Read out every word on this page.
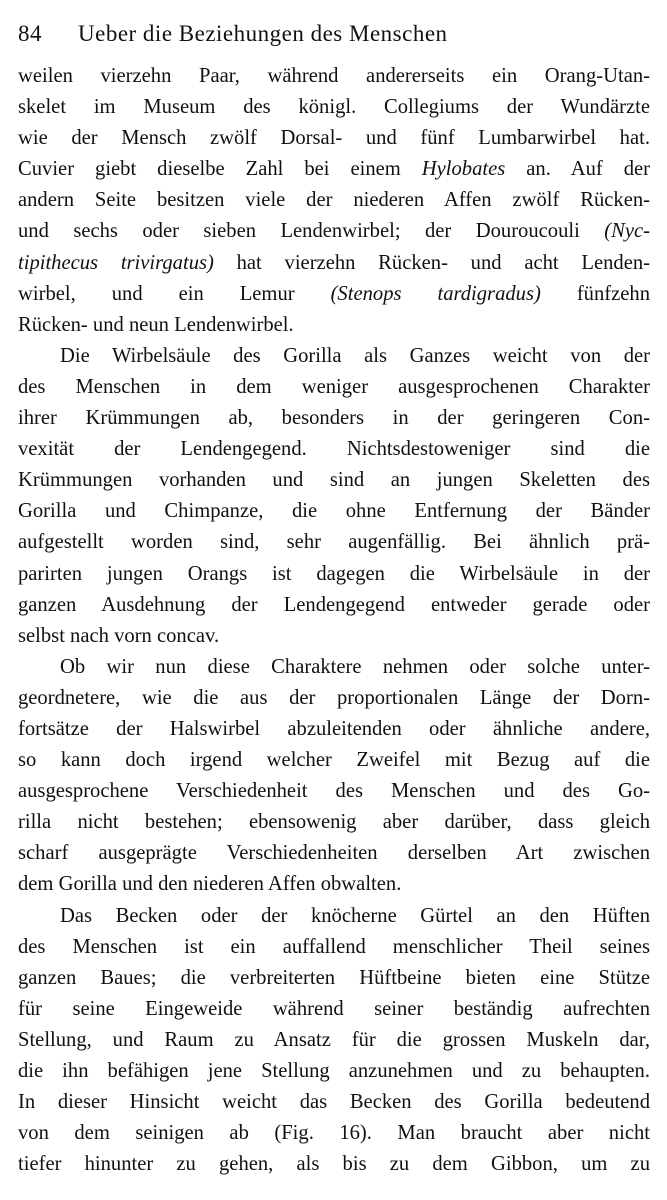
84 Ueber die Beziehungen des Menschen
weilen vierzehn Paar, während andererseits ein Orang-Utan-
skelet im Museum des königl. Collegiums der Wundärzte
wie der Mensch zwölf Dorsal- und fünf Lumbarwirbel hat.
Cuvier giebt dieselbe Zahl bei einem Hylobates an. Auf der
andern Seite besitzen viele der niederen Affen zwölf Rücken-
und sechs oder sieben Lendenwirbel; der Douroucouli (Nyc-
tipithecus trivirgatus) hat vierzehn Rücken- und acht Lenden-
wirbel, und ein Lemur (Stenops tardigradus) fünfzehn
Rücken- und neun Lendenwirbel.
Die Wirbelsäule des Gorilla als Ganzes weicht von der
des Menschen in dem weniger ausgesprochenen Charakter
ihrer Krümmungen ab, besonders in der geringeren Con-
vexität der Lendengegend. Nichtsdestoweniger sind die
Krümmungen vorhanden und sind an jungen Skeletten des
Gorilla und Chimpanze, die ohne Entfernung der Bänder
aufgestellt worden sind, sehr augenfällig. Bei ähnlich prä-
parirten jungen Orangs ist dagegen die Wirbelsäule in der
ganzen Ausdehnung der Lendengegend entweder gerade oder
selbst nach vorn concav.
Ob wir nun diese Charaktere nehmen oder solche unter-
geordnetere, wie die aus der proportionalen Länge der Dorn-
fortsätze der Halswirbel abzuleitenden oder ähnliche andere,
so kann doch irgend welcher Zweifel mit Bezug auf die
ausgesprochene Verschiedenheit des Menschen und des Go-
rilla nicht bestehen; ebensowenig aber darüber, dass gleich
scharf ausgeprägte Verschiedenheiten derselben Art zwischen
dem Gorilla und den niederen Affen obwalten.
Das Becken oder der knöcherne Gürtel an den Hüften
des Menschen ist ein auffallend menschlicher Theil seines
ganzen Baues; die verbreiterten Hüftbeine bieten eine Stütze
für seine Eingeweide während seiner beständig aufrechten
Stellung, und Raum zu Ansatz für die grossen Muskeln dar,
die ihn befähigen jene Stellung anzunehmen und zu behaupten.
In dieser Hinsicht weicht das Becken des Gorilla bedeutend
von dem seinigen ab (Fig. 16). Man braucht aber nicht
tiefer hinunter zu gehen, als bis zu dem Gibbon, um zu
